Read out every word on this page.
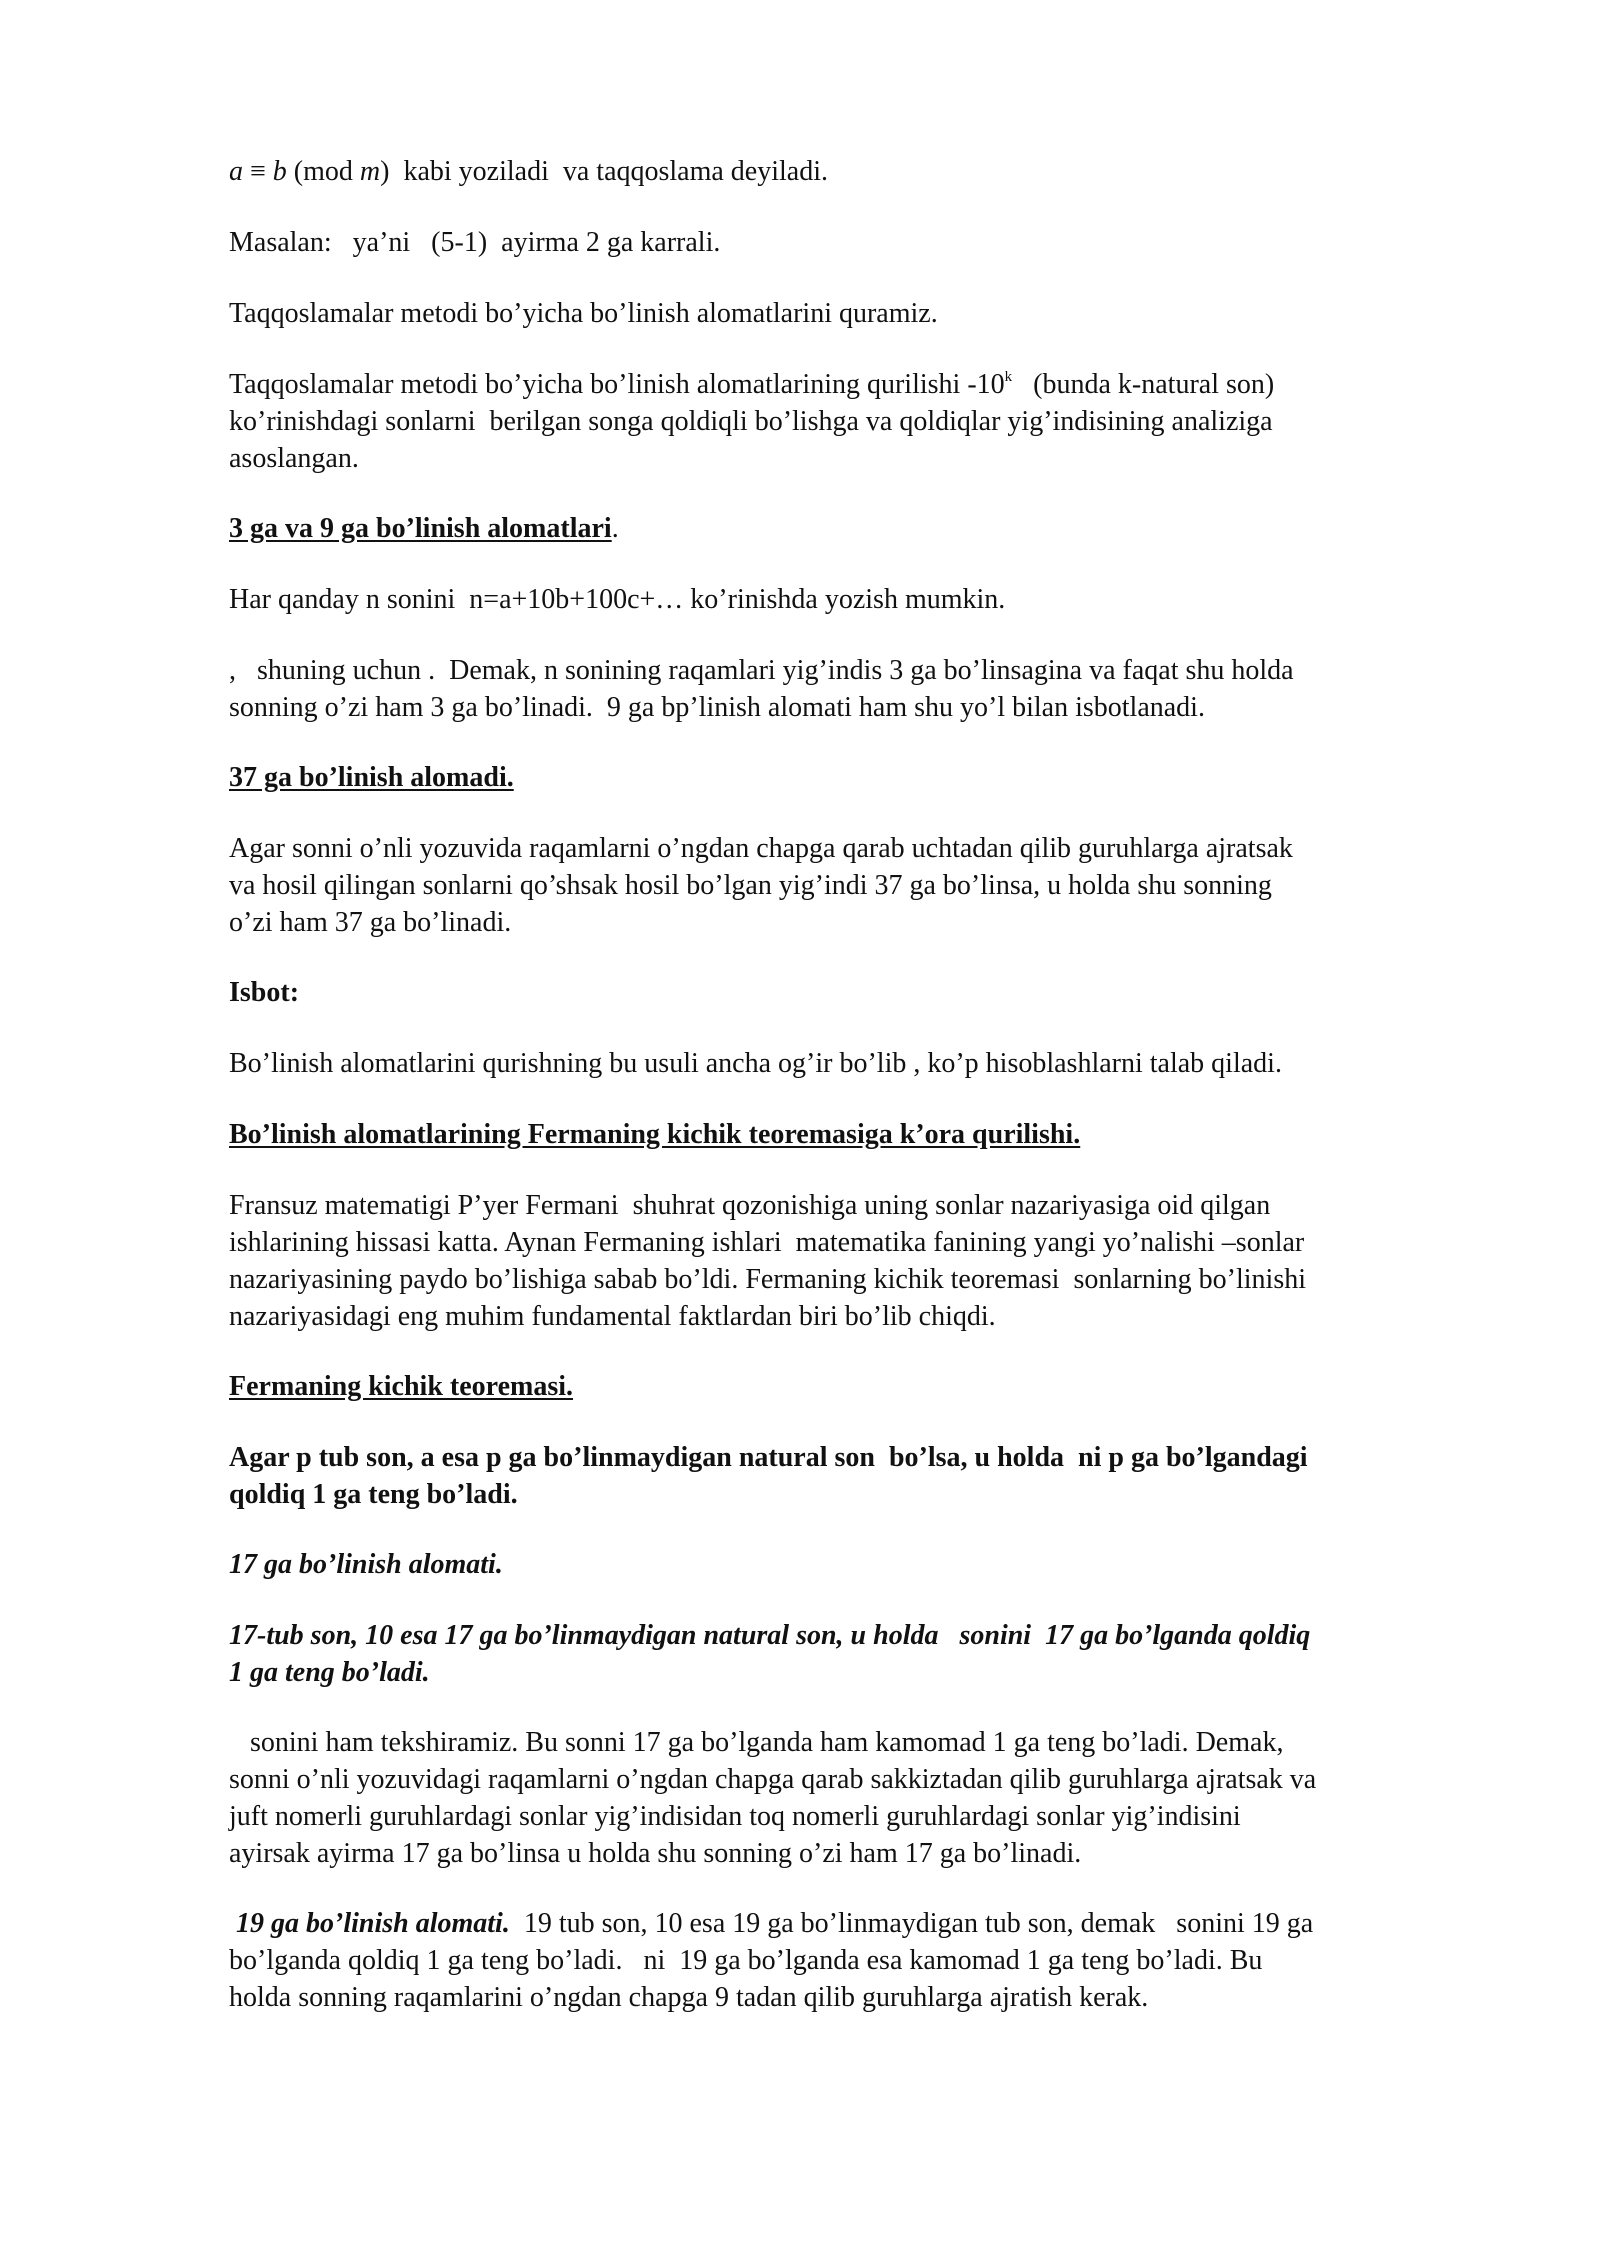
a ≡ b (mod m)  kabi yoziladi  va taqqoslama deyiladi.

Masalan:   ya’ni   (5-1)  ayirma 2 ga karrali.

Taqqoslamalar metodi bo’yicha bo’linish alomatlarini quramiz.

Taqqoslamalar metodi bo’yicha bo’linish alomatlarining qurilishi -10$^k$   (bunda k-natural son)
ko’rinishdagi sonlarni  berilgan songa qoldiqli bo’lishga va qoldiqlar yig’indisining analiziga
asoslangan.

3 ga va 9 ga bo’linish alomatlari.

Har qanday n sonini  n=a+10b+100c+… ko’rinishda yozish mumkin.

,   shuning uchun .  Demak, n sonining raqamlari yig’indis 3 ga bo’linsagina va faqat shu holda
sonning o’zi ham 3 ga bo’linadi.  9 ga bp’linish alomati ham shu yo’l bilan isbotlanadi.

37 ga bo’linish alomadi.

Agar sonni o’nli yozuvida raqamlarni o’ngdan chapga qarab uchtadan qilib guruhlarga ajratsak
va hosil qilingan sonlarni qo’shsak hosil bo’lgan yig’indi 37 ga bo’linsa, u holda shu sonning
o’zi ham 37 ga bo’linadi.

Isbot:

Bo’linish alomatlarini qurishning bu usuli ancha og’ir bo’lib , ko’p hisoblashlarni talab qiladi.

Bo’linish alomatlarining Fermaning kichik teoremasiga k’ora qurilishi.

Fransuz matematigi P’yer Fermani  shuhrat qozonishiga uning sonlar nazariyasiga oid qilgan
ishlarining hissasi katta. Aynan Fermaning ishlari  matematika fanining yangi yo’nalishi –sonlar
nazariyasining paydo bo’lishiga sabab bo’ldi. Fermaning kichik teoremasi  sonlarning bo’linishi
nazariyasidagi eng muhim fundamental faktlardan biri bo’lib chiqdi.

Fermaning kichik teoremasi.

Agar p tub son, a esa p ga bo’linmaydigan natural son  bo’lsa, u holda  ni p ga bo’lgandagi
qoldiq 1 ga teng bo’ladi.

17 ga bo’linish alomati.

17-tub son, 10 esa 17 ga bo’linmaydigan natural son, u holda   sonini  17 ga bo’lganda qoldiq
1 ga teng bo’ladi.
sonini ham tekshiramiz. Bu sonni 17 ga bo’lganda ham kamomad 1 ga teng bo’ladi. Demak,
sonni o’nli yozuvidagi raqamlarni o’ngdan chapga qarab sakkiztadan qilib guruhlarga ajratsak va
juft nomerli guruhlardagi sonlar yig’indisidan toq nomerli guruhlardagi sonlar yig’indisini
ayirsak ayirma 17 ga bo’linsa u holda shu sonning o’zi ham 17 ga bo’linadi.
19 ga bo’linish alomati.  19 tub son, 10 esa 19 ga bo’linmaydigan tub son, demak   sonini 19 ga
bo’lganda qoldiq 1 ga teng bo’ladi.   ni  19 ga bo’lganda esa kamomad 1 ga teng bo’ladi. Bu
holda sonning raqamlarini o’ngdan chapga 9 tadan qilib guruhlarga ajratish kerak.
